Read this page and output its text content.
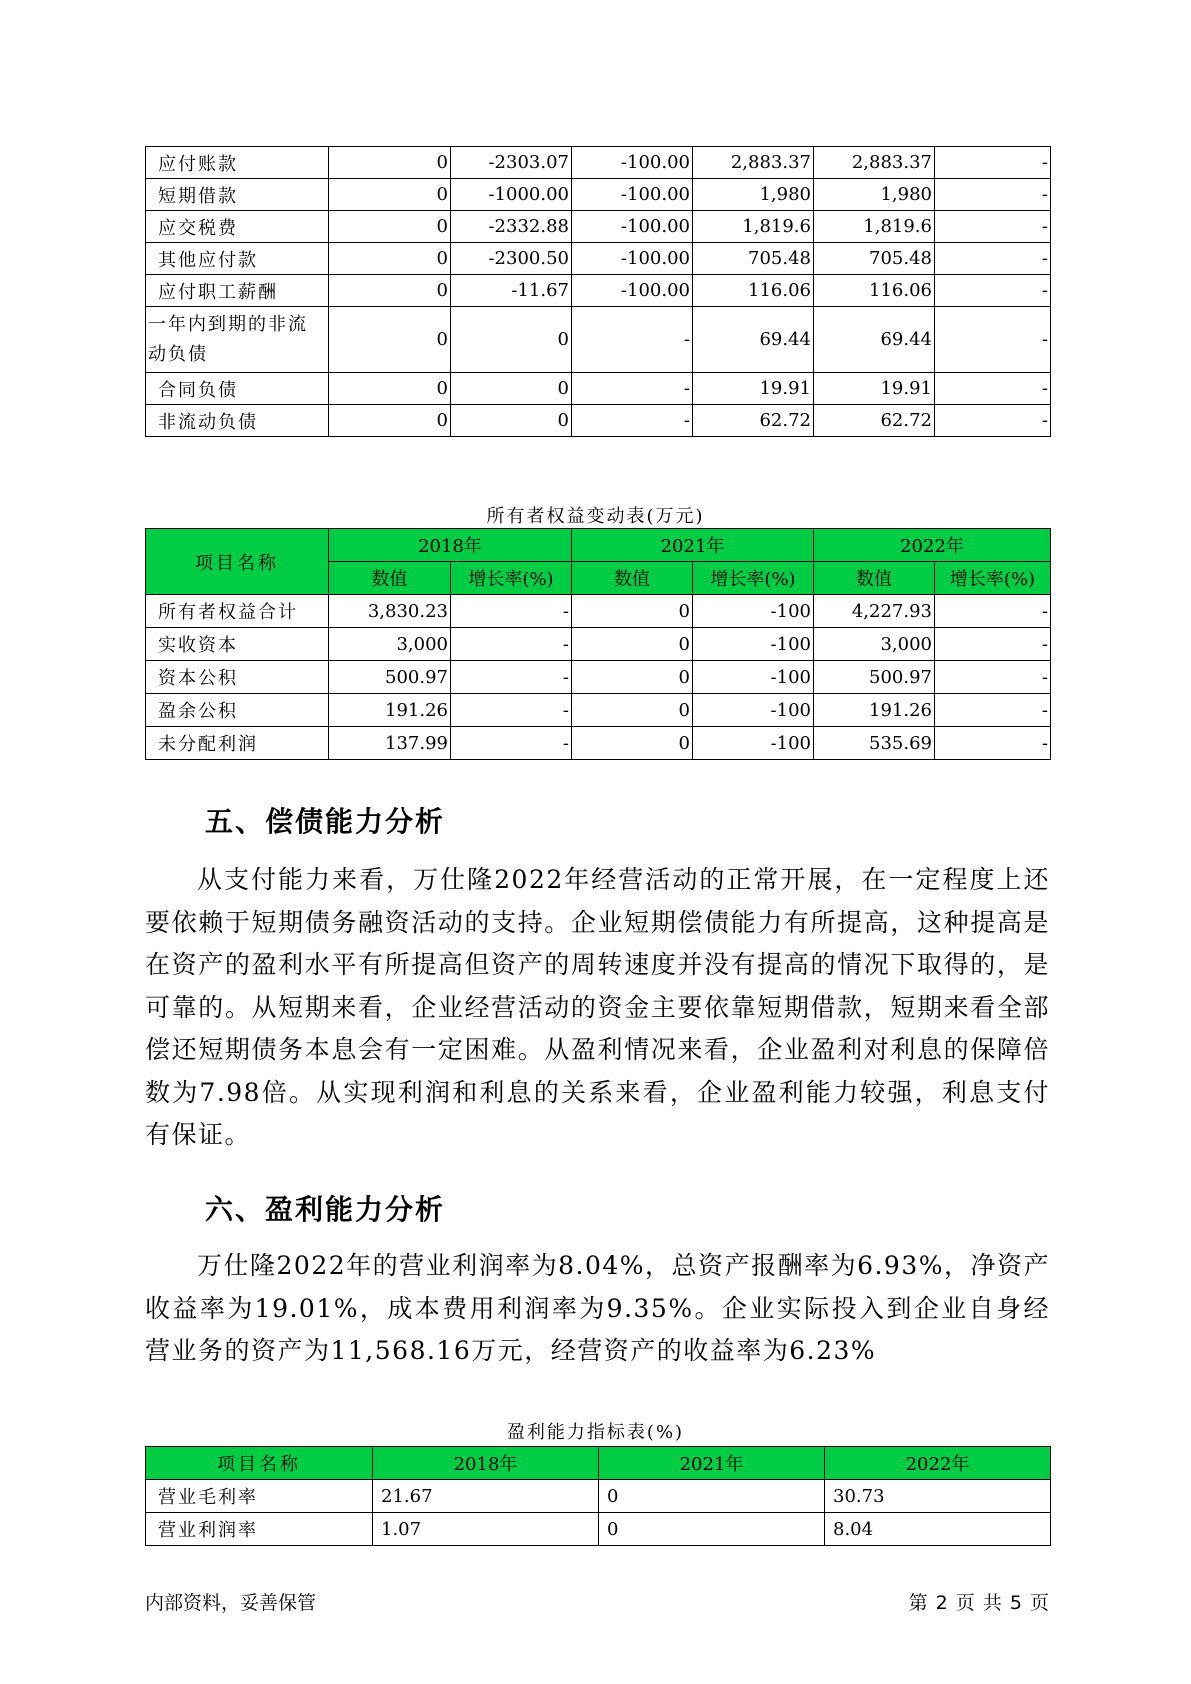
应付账款	0	-2303.07	-100.00	2,883.37	2,883.37	-
短期借款	0	-1000.00	-100.00	1,980	1,980	-
应交税费	0	-2332.88	-100.00	1,819.6	1,819.6	-
其他应付款	0	-2300.50	-100.00	705.48	705.48	-
应付职工薪酬	0	-11.67	-100.00	116.06	116.06	-
一年内到期的非流动负债	0	0	-	69.44	69.44	-
合同负债	0	0	-	19.91	19.91	-
非流动负债	0	0	-	62.72	62.72	-
所有者权益变动表(万元)
项目名称	2018年		2021年		2022年	
	数值	增长率(%)	数值	增长率(%)	数值	增长率(%)
所有者权益合计	3,830.23	-	0	-100	4,227.93	-
实收资本	3,000	-	0	-100	3,000	-
资本公积	500.97	-	0	-100	500.97	-
盈余公积	191.26	-	0	-100	191.26	-
未分配利润	137.99	-	0	-100	535.69	-
五、偿债能力分析

从支付能力来看，万仕隆2022年经营活动的正常开展，在一定程度上还要依赖于短期债务融资活动的支持。企业短期偿债能力有所提高，这种提高是在资产的盈利水平有所提高但资产的周转速度并没有提高的情况下取得的，是可靠的。从短期来看，企业经营活动的资金主要依靠短期借款，短期来看全部偿还短期债务本息会有一定困难。从盈利情况来看，企业盈利对利息的保障倍数为7.98倍。从实现利润和利息的关系来看，企业盈利能力较强，利息支付有保证。

六、盈利能力分析

万仕隆2022年的营业利润率为8.04%，总资产报酬率为6.93%，净资产收益率为19.01%，成本费用利润率为9.35%。企业实际投入到企业自身经营业务的资产为11,568.16万元，经营资产的收益率为6.23%

盈利能力指标表(%)
项目名称	2018年	2021年	2022年
营业毛利率	21.67	0	30.73
营业利润率	1.07	0	8.04
内部资料，妥善保管	第 2 页 共 5 页
